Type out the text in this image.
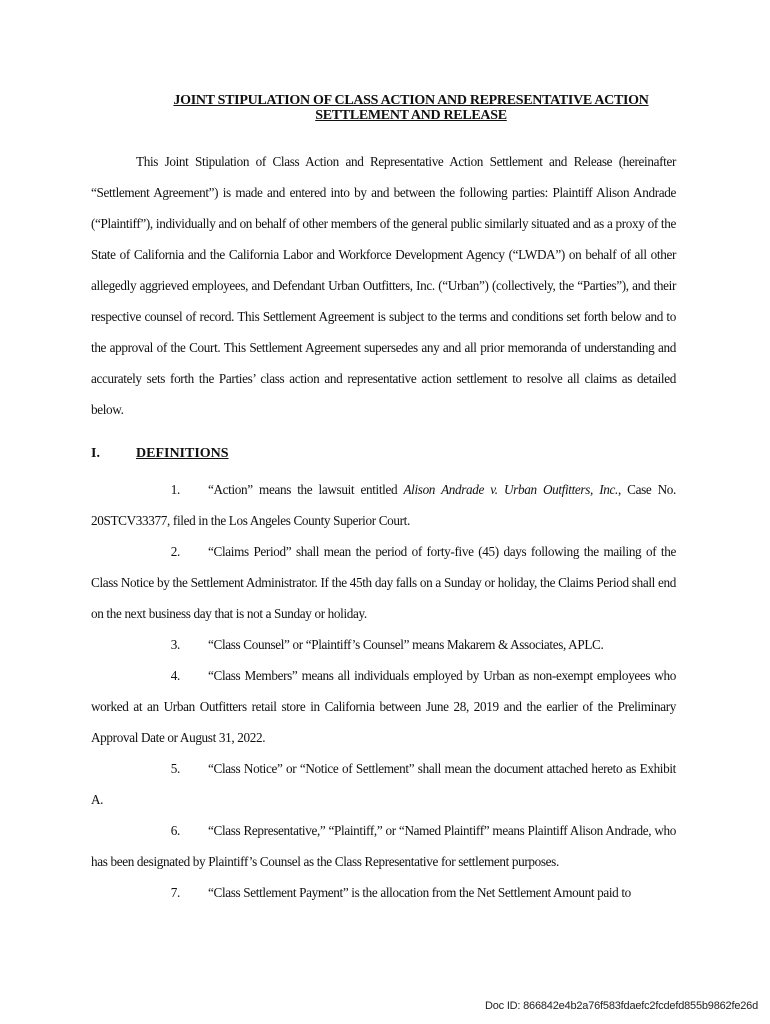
JOINT STIPULATION OF CLASS ACTION AND REPRESENTATIVE ACTION
SETTLEMENT AND RELEASE

This Joint Stipulation of Class Action and Representative Action Settlement and Release (hereinafter “Settlement Agreement”) is made and entered into by and between the following parties: Plaintiff Alison Andrade (“Plaintiff”), individually and on behalf of other members of the general public similarly situated and as a proxy of the State of California and the California Labor and Workforce Development Agency (“LWDA”) on behalf of all other allegedly aggrieved employees, and Defendant Urban Outfitters, Inc. (“Urban”) (collectively, the “Parties”), and their respective counsel of record. This Settlement Agreement is subject to the terms and conditions set forth below and to the approval of the Court. This Settlement Agreement supersedes any and all prior memoranda of understanding and accurately sets forth the Parties’ class action and representative action settlement to resolve all claims as detailed below.

I.	DEFINITIONS

1. “Action” means the lawsuit entitled Alison Andrade v. Urban Outfitters, Inc., Case No. 20STCV33377, filed in the Los Angeles County Superior Court.

2. “Claims Period” shall mean the period of forty-five (45) days following the mailing of the Class Notice by the Settlement Administrator. If the 45th day falls on a Sunday or holiday, the Claims Period shall end on the next business day that is not a Sunday or holiday.

3. “Class Counsel” or “Plaintiff’s Counsel” means Makarem & Associates, APLC.

4. “Class Members” means all individuals employed by Urban as non-exempt employees who worked at an Urban Outfitters retail store in California between June 28, 2019 and the earlier of the Preliminary Approval Date or August 31, 2022.

5. “Class Notice” or “Notice of Settlement” shall mean the document attached hereto as Exhibit A.

6. “Class Representative,” “Plaintiff,” or “Named Plaintiff” means Plaintiff Alison Andrade, who has been designated by Plaintiff’s Counsel as the Class Representative for settlement purposes.

7. “Class Settlement Payment” is the allocation from the Net Settlement Amount paid to

Doc ID: 866842e4b2a76f583fdaefc2fcdefd855b9862fe26d
